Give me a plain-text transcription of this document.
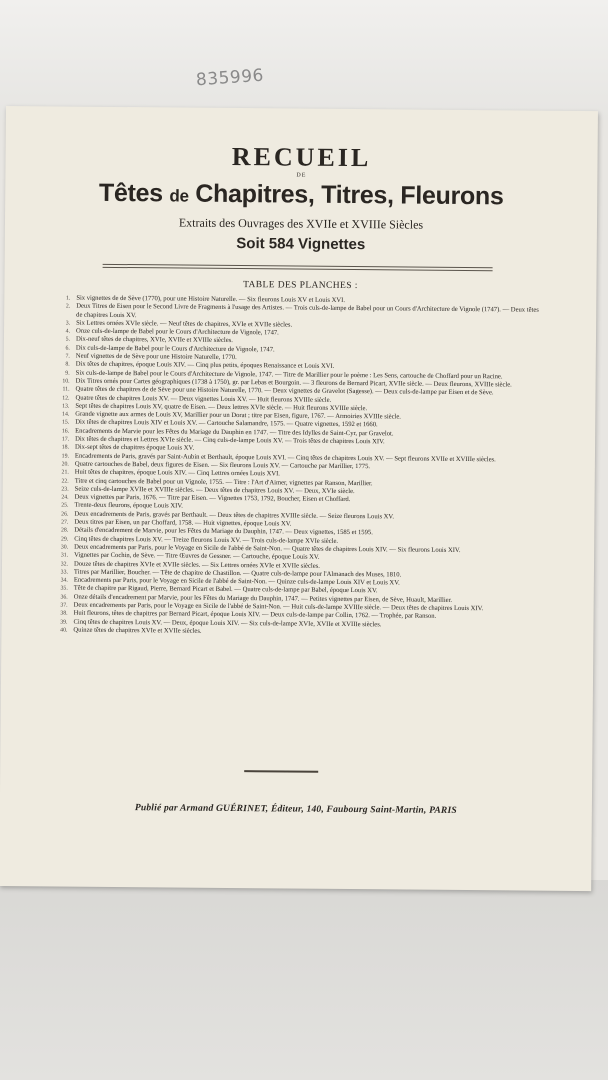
835996
RECUEIL
DE
Têtes de Chapitres, Titres, Fleurons
Extraits des Ouvrages des XVIIe et XVIIIe Siècles
Soit 584 Vignettes
TABLE DES PLANCHES :
1. Six vignettes de de Sève (1770), pour une Histoire Naturelle. — Six fleurons Louis XV et Louis XVI.
2. Deux Titres de Eisen pour le Second Livre de Fragments à l'usage des Artistes. — Trois culs-de-lampe de Babel pour un Cours d'Architecture de Vignole (1747). — Deux têtes de chapitres Louis XV.
3. Six Lettres ornées XVIe siècle. — Neuf têtes de chapitres, XVIe et XVIIe siècles.
4. Onze culs-de-lampe de Babel pour le Cours d'Architecture de Vignole, 1747.
5. Dix-neuf têtes de chapitres, XVIe, XVIIe et XVIIIe siècles.
6. Dix culs-de-lampe de Babel pour le Cours d'Architecture de Vignole, 1747.
7. Neuf vignettes de de Sève pour une Histoire Naturelle, 1770.
8. Dix têtes de chapitres, époque Louis XIV. — Cinq plus petits, époques Renaissance et Louis XVI.
9. Six culs-de-lampe de Babel pour le Cours d'Architecture de Vignole, 1747. — Titre de Marillier pour le poème : Les Sens, cartouche de Choffard pour un Racine.
10. Dix Titres ornés pour Cartes géographiques (1738 à 1750), gr. par Lebas et Bourgoin. — 3 fleurons de Bernard Picart, XVIIe siècle. — Deux fleurons, XVIIIe siècle.
11. Quatre têtes de chapitres de de Sève pour une Histoire Naturelle, 1770. — Deux vignettes de Gravelot (Sagesse). — Deux culs-de-lampe par Eisen et de Sève.
12. Quatre têtes de chapitres Louis XV. — Deux vignettes Louis XV. — Huit fleurons XVIIIe siècle.
13. Sept têtes de chapitres Louis XV, quatre de Eisen. — Deux lettres XVIe siècle. — Huit fleurons XVIIIe siècle.
14. Grande vignette aux armes de Louis XV, Marillier pour un Dorat ; titre par Eisen, figure, 1767. — Armoiries XVIIIe siècle.
15. Dix têtes de chapitres Louis XIV et Louis XV. — Cartouche Salamandre, 1575. — Quatre vignettes, 1592 et 1660.
16. Encadrements de Marvie pour les Fêtes du Mariage du Dauphin en 1747. — Titre des Idylles de Saint-Cyr, par Gravelot.
17. Dix têtes de chapitres et Lettres XVIe siècle. — Cinq culs-de-lampe Louis XV. — Trois têtes de chapitres Louis XIV.
18. Dix-sept têtes de chapitres époque Louis XV.
19. Encadrements de Paris, gravés par Saint-Aubin et Berthault, époque Louis XVI. — Cinq têtes de chapitres Louis XV. — Sept fleurons XVIIe et XVIIIe siècles.
20. Quatre cartouches de Babel, deux figures de Eisen. — Six fleurons Louis XV. — Cartouche par Marillier, 1775.
21. Huit têtes de chapitres, époque Louis XIV. — Cinq Lettres ornées Louis XVI.
22. Titre et cinq cartouches de Babel pour un Vignole, 1755. — Titre : l'Art d'Aimer, vignettes par Ranson, Marillier.
23. Seize culs-de-lampe XVIIe et XVIIIe siècles. — Deux têtes de chapitres Louis XV. — Deux, XVIe siècle.
24. Deux vignettes par Paris, 1676. — Titre par Eisen. — Vignettes 1753, 1792, Boucher, Eisen et Choffard.
25. Trente-deux fleurons, époque Louis XIV.
26. Deux encadrements de Paris, gravés par Berthault. — Deux têtes de chapitres XVIIIe siècle. — Seize fleurons Louis XV.
27. Deux titres par Eisen, un par Choffard, 1758. — Huit vignettes, époque Louis XV.
28. Détails d'encadrement de Marvie, pour les Fêtes du Mariage du Dauphin, 1747. — Deux vignettes, 1585 et 1595.
29. Cinq têtes de chapitres Louis XV. — Treize fleurons Louis XV. — Trois culs-de-lampe XVIe siècle.
30. Deux encadrements par Paris, pour le Voyage en Sicile de l'abbé de Saint-Non. — Quatre têtes de chapitres Louis XIV. — Six fleurons Louis XIV.
31. Vignettes par Cochin, de Sève. — Titre Œuvres de Gessner. — Cartouche, époque Louis XV.
32. Douze têtes de chapitres XVIe et XVIIe siècles. — Six Lettres ornées XVIe et XVIIe siècles.
33. Titres par Marillier, Boucher. — Tête de chapitre de Chastillon. — Quatre culs-de-lampe pour l'Almanach des Muses, 1810.
34. Encadrements par Paris, pour le Voyage en Sicile de l'abbé de Saint-Non. — Quinze culs-de-lampe Louis XIV et Louis XV.
35. Tête de chapitre par Rigaud, Pierre, Bernard Picart et Babel. — Quatre culs-de-lampe par Babel, époque Louis XV.
36. Onze détails d'encadrement par Marvie, pour les Fêtes du Mariage du Dauphin, 1747. — Petites vignettes par Eisen, de Sève, Huault, Marillier.
37. Deux encadrements par Paris, pour le Voyage en Sicile de l'abbé de Saint-Non. — Huit culs-de-lampe XVIIIe siècle. — Deux têtes de chapitres Louis XIV.
38. Huit fleurons, têtes de chapitres par Bernard Picart, époque Louis XIV. — Deux culs-de-lampe par Collin, 1762. — Trophée, par Ranson.
39. Cinq têtes de chapitres Louis XV. — Deux, époque Louis XIV. — Six culs-de-lampe XVIe, XVIIe et XVIIIe siècles.
40. Quinze têtes de chapitres XVIe et XVIIe siècles.
Publié par Armand GUÉRINET, Éditeur, 140, Faubourg Saint-Martin, PARIS
